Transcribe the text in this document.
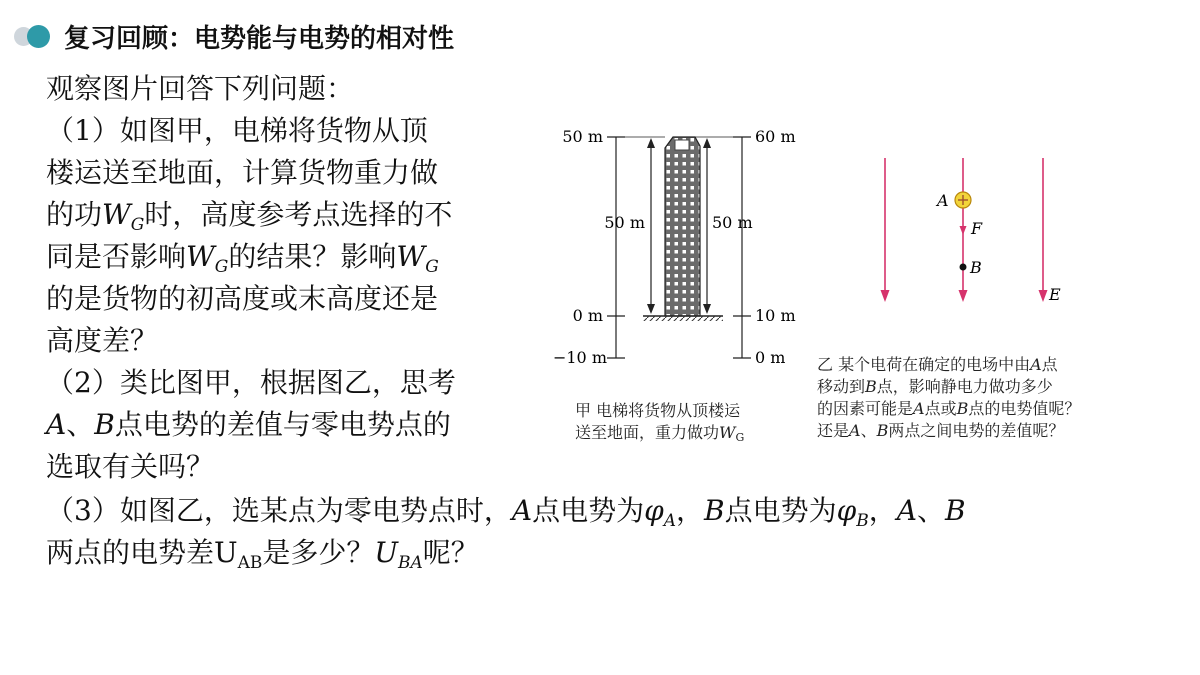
复习回顾：电势能与电势的相对性
观察图片回答下列问题：
（1）如图甲，电梯将货物从顶
楼运送至地面，计算货物重力做
的功$W_G$时，高度参考点选择的不
同是否影响$W_G$的结果？影响$W_G$
的是货物的初高度或末高度还是
高度差？
（2）类比图甲，根据图乙，思考
A、B点电势的差值与零电势点的
选取有关吗？
（3）如图乙，选某点为零电势点时，A点电势为$\varphi_A$，B点电势为$\varphi_B$，A、B
两点的电势差$U_{AB}$是多少？$U_{BA}$呢？
50 m
0 m
−10 m
60 m
10 m
0 m
50 m	50 m
A
F
B
E
甲 电梯将货物从顶楼运
送至地面，重力做功$W_G$
乙 某个电荷在确定的电场中由A点
移动到B点，影响静电力做功多少
的因素可能是A点或B点的电势值呢？
还是A、B两点之间电势的差值呢？
